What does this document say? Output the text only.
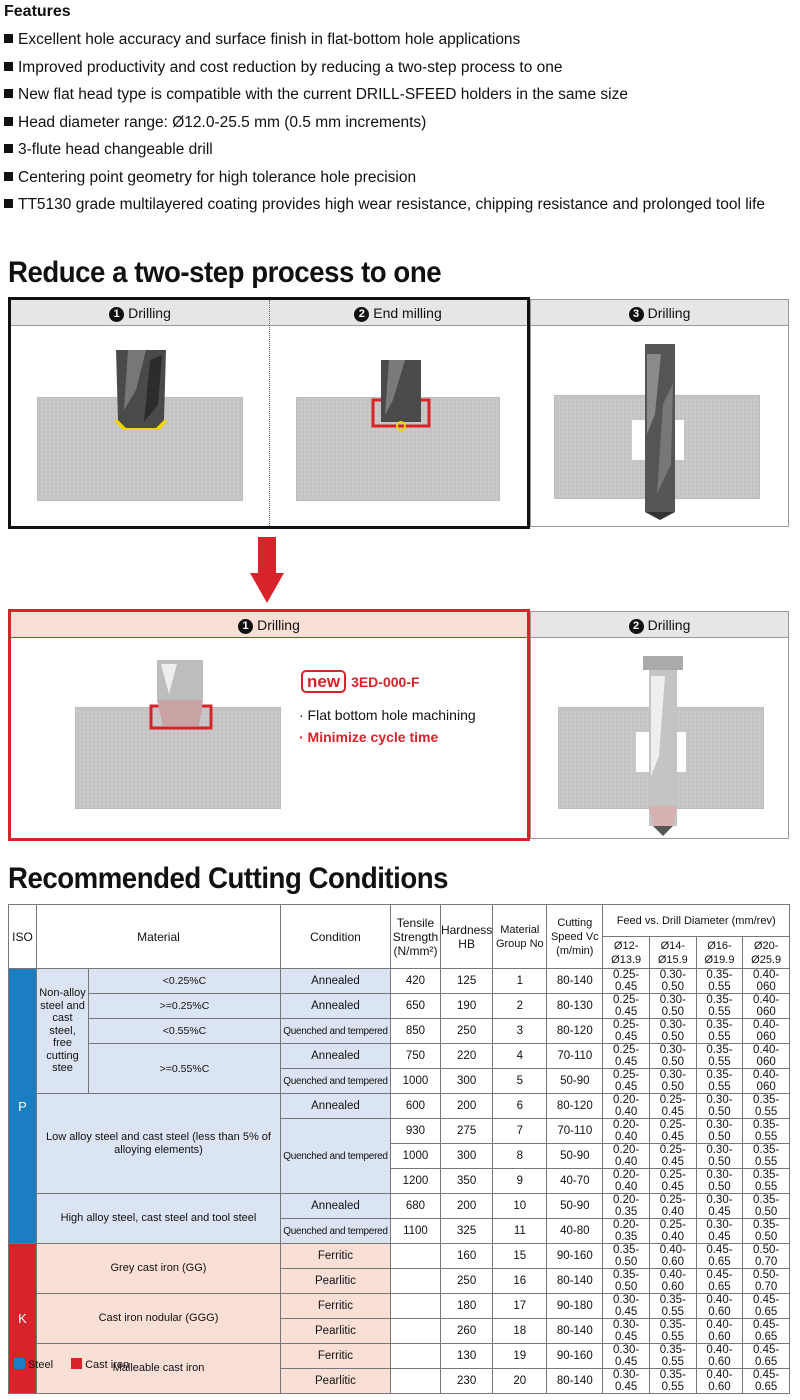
Features
Excellent hole accuracy and surface finish in flat-bottom hole applications
Improved productivity and cost reduction by reducing a two-step process to one
New flat head type is compatible with the current DRILL-SFEED holders in the same size
Head diameter range: Ø12.0-25.5 mm (0.5 mm increments)
3-flute head changeable drill
Centering point geometry for high tolerance hole precision
TT5130 grade multilayered coating provides high wear resistance, chipping resistance and prolonged tool life
Reduce a two-step process to one
1 Drilling	2 End milling	3 Drilling
1 Drilling
new 3ED-000-F
· Flat bottom hole machining
· Minimize cycle time
2 Drilling
Recommended Cutting Conditions
ISO	Material		Condition	Tensile Strength (N/mm²)	Hardness HB	Material Group No	Cutting Speed Vc (m/min)	Feed vs. Drill Diameter (mm/rev)			
								Ø12-Ø13.9	Ø14-Ø15.9	Ø16-Ø19.9	Ø20-Ø25.9
P	Non-alloy steel and cast steel, free cutting stee	<0.25%C	Annealed	420	125	1	80-140	0.25-0.45	0.30-0.50	0.35-0.55	0.40-060
		>=0.25%C	Annealed	650	190	2	80-130	0.25-0.45	0.30-0.50	0.35-0.55	0.40-060
		<0.55%C	Quenched and tempered	850	250	3	80-120	0.25-0.45	0.30-0.50	0.35-0.55	0.40-060
		>=0.55%C	Annealed	750	220	4	70-110	0.25-0.45	0.30-0.50	0.35-0.55	0.40-060
			Quenched and tempered	1000	300	5	50-90	0.25-0.45	0.30-0.50	0.35-0.55	0.40-060
	Low alloy steel and cast steel (less than 5% of alloying elements)		Annealed	600	200	6	80-120	0.20-0.40	0.25-0.45	0.30-0.50	0.35-0.55
			Quenched and tempered	930	275	7	70-110	0.20-0.40	0.25-0.45	0.30-0.50	0.35-0.55
				1000	300	8	50-90	0.20-0.40	0.25-0.45	0.30-0.50	0.35-0.55
				1200	350	9	40-70	0.20-0.40	0.25-0.45	0.30-0.50	0.35-0.55
	High alloy steel, cast steel and tool steel		Annealed	680	200	10	50-90	0.20-0.35	0.25-0.40	0.30-0.45	0.35-0.50
			Quenched and tempered	1100	325	11	40-80	0.20-0.35	0.25-0.40	0.30-0.45	0.35-0.50
K	Grey cast iron (GG)		Ferritic		160	15	90-160	0.35-0.50	0.40-0.60	0.45-0.65	0.50-0.70
			Pearlitic		250	16	80-140	0.35-0.50	0.40-0.60	0.45-0.65	0.50-0.70
	Cast iron nodular (GGG)		Ferritic		180	17	90-180	0.30-0.45	0.35-0.55	0.40-0.60	0.45-0.65
			Pearlitic		260	18	80-140	0.30-0.45	0.35-0.55	0.40-0.60	0.45-0.65
	Malleable cast iron		Ferritic		130	19	90-160	0.30-0.45	0.35-0.55	0.40-0.60	0.45-0.65
			Pearlitic		230	20	80-140	0.30-0.45	0.35-0.55	0.40-0.60	0.45-0.65
Steel	Cast iron
